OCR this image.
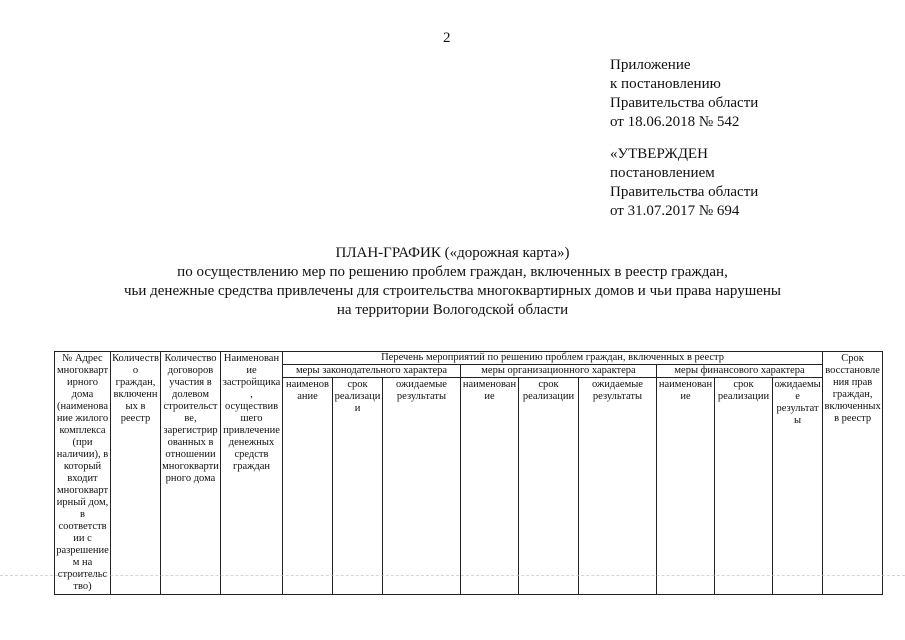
2
Приложение
к постановлению
Правительства области
от 18.06.2018 № 542
«УТВЕРЖДЕН
постановлением
Правительства области
от 31.07.2017 № 694
ПЛАН-ГРАФИК («дорожная карта»)
по осуществлению мер по решению проблем граждан, включенных в реестр граждан,
чьи денежные средства привлечены для строительства многоквартирных домов и чьи права нарушены
на территории Вологодской области
№ Адрес многоквартирного дома (наименование жилого комплекса (при наличии), в который входит многоквартирный дом, в соответствии с разрешением на строительство)	Количество граждан, включенных в реестр	Количество договоров участия в долевом строительстве, зарегистрированных в отношении многоквартирного дома	Наименование застройщика, осуществившего привлечение денежных средств граждан	Перечень мероприятий по решению проблем граждан, включенных в реестр									Срок восстановления прав граждан, включенных в реестр
				меры законодательного характера			меры организационного характера			меры финансового характера			
				наименование	срок реализации	ожидаемые результаты	наименование	срок реализации	ожидаемые результаты	наименование	срок реализации	ожидаемые результаты	
